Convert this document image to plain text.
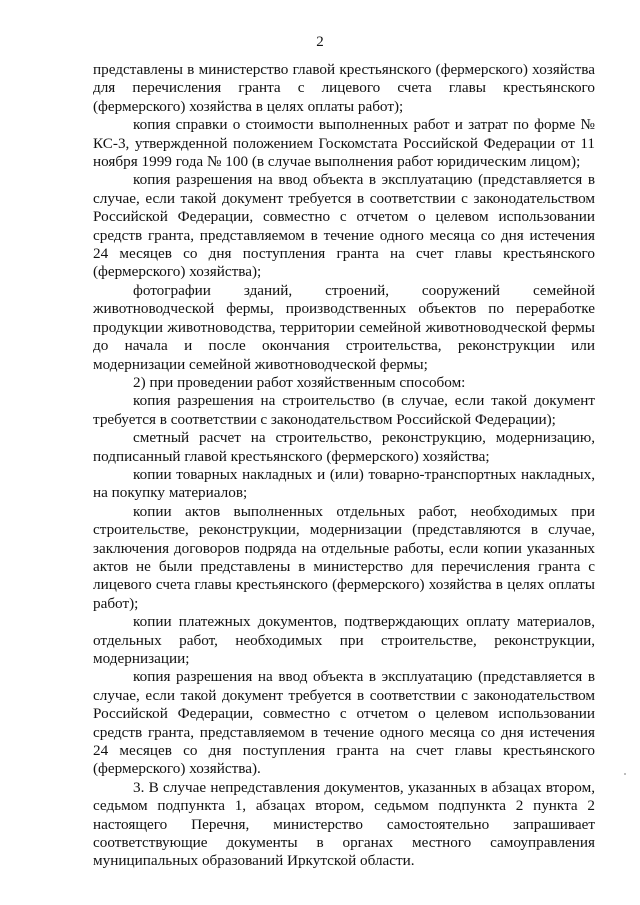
2

представлены в министерство главой крестьянского (фермерского) хозяйства для перечисления гранта с лицевого счета главы крестьянского (фермерского) хозяйства в целях оплаты работ);

копия справки о стоимости выполненных работ и затрат по форме № КС-3, утвержденной положением Госкомстата Российской Федерации от 11 ноября 1999 года № 100 (в случае выполнения работ юридическим лицом);

копия разрешения на ввод объекта в эксплуатацию (представляется в случае, если такой документ требуется в соответствии с законодательством Российской Федерации, совместно с отчетом о целевом использовании средств гранта, представляемом в течение одного месяца со дня истечения 24 месяцев со дня поступления гранта на счет главы крестьянского (фермерского) хозяйства);

фотографии зданий, строений, сооружений семейной животноводческой фермы, производственных объектов по переработке продукции животноводства, территории семейной животноводческой фермы до начала и после окончания строительства, реконструкции или модернизации семейной животноводческой фермы;

2) при проведении работ хозяйственным способом:

копия разрешения на строительство (в случае, если такой документ требуется в соответствии с законодательством Российской Федерации);

сметный расчет на строительство, реконструкцию, модернизацию, подписанный главой крестьянского (фермерского) хозяйства;

копии товарных накладных и (или) товарно-транспортных накладных, на покупку материалов;

копии актов выполненных отдельных работ, необходимых при строительстве, реконструкции, модернизации (представляются в случае, заключения договоров подряда на отдельные работы, если копии указанных актов не были представлены в министерство для перечисления гранта с лицевого счета главы крестьянского (фермерского) хозяйства в целях оплаты работ);

копии платежных документов, подтверждающих оплату материалов, отдельных работ, необходимых при строительстве, реконструкции, модернизации;

копия разрешения на ввод объекта в эксплуатацию (представляется в случае, если такой документ требуется в соответствии с законодательством Российской Федерации, совместно с отчетом о целевом использовании средств гранта, представляемом в течение одного месяца со дня истечения 24 месяцев со дня поступления гранта на счет главы крестьянского (фермерского) хозяйства).

3. В случае непредставления документов, указанных в абзацах втором, седьмом подпункта 1, абзацах втором, седьмом подпункта 2 пункта 2 настоящего Перечня, министерство самостоятельно запрашивает соответствующие документы в органах местного самоуправления муниципальных образований Иркутской области.
